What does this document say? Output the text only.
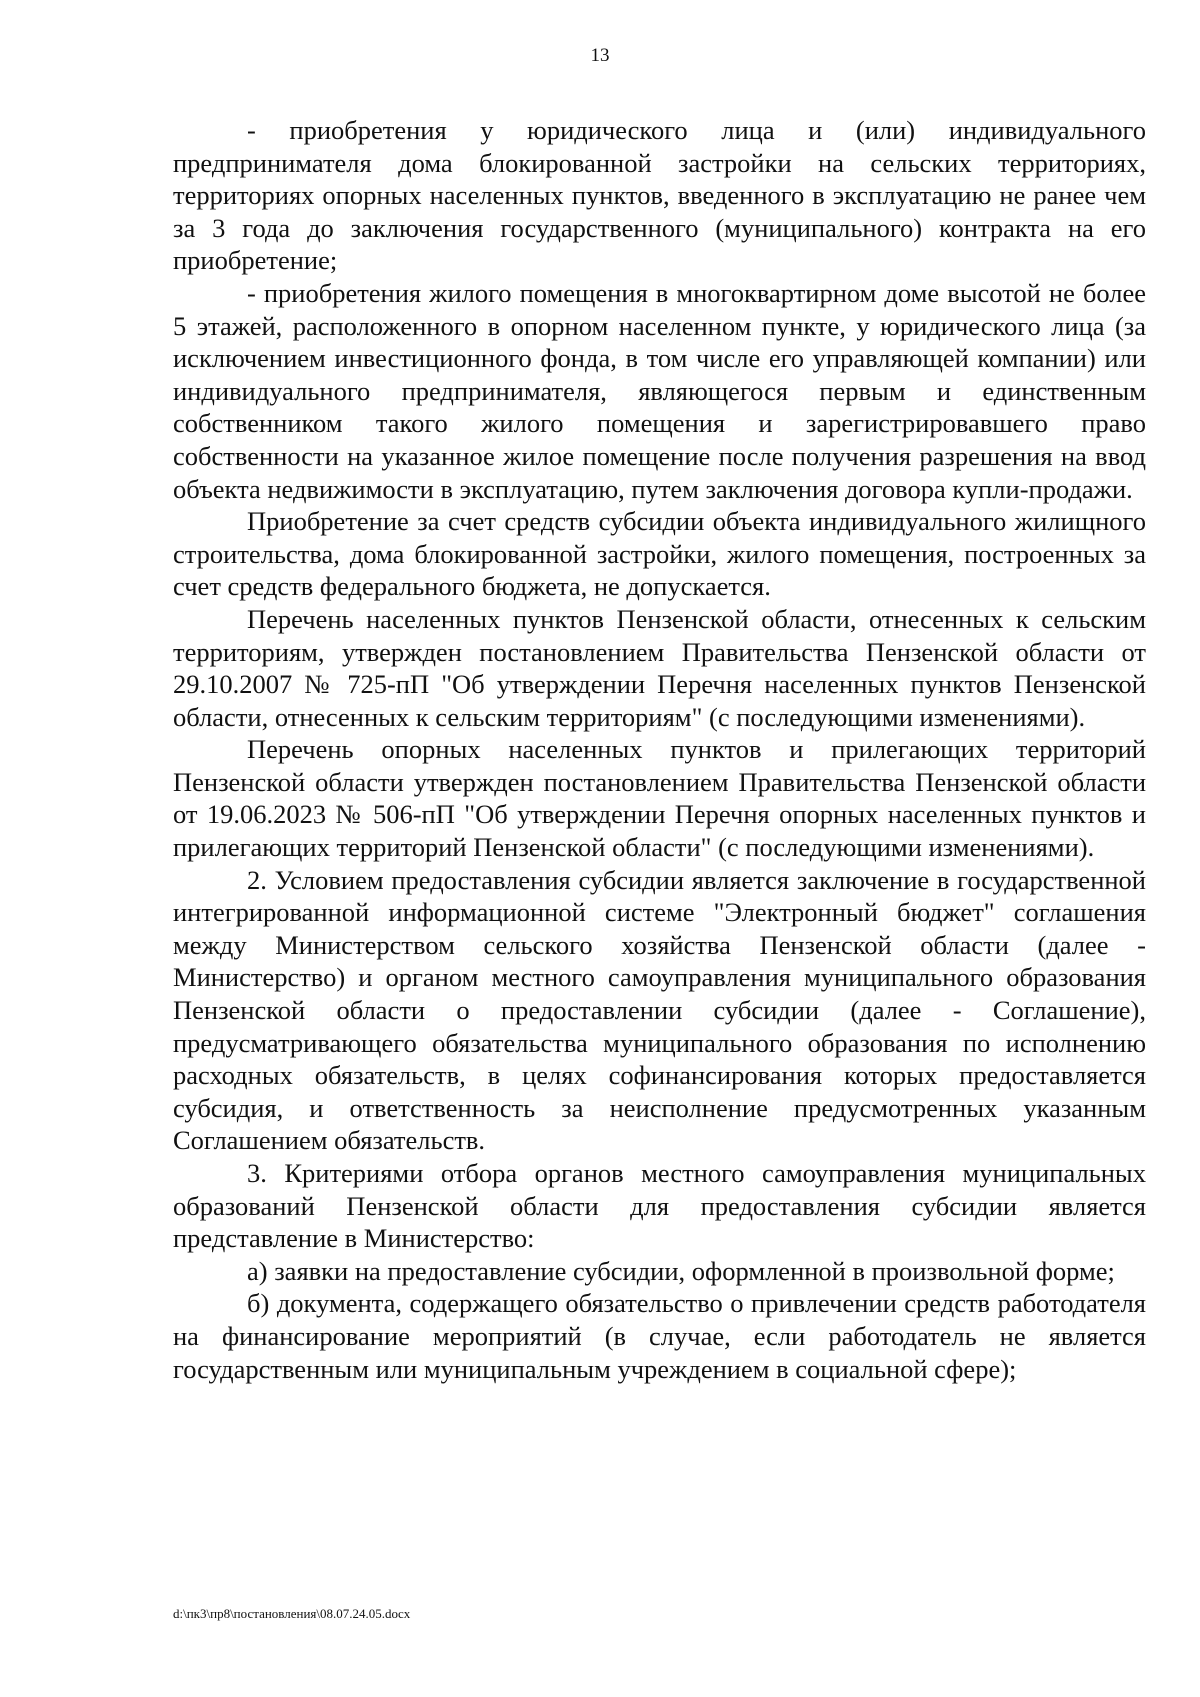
13

- приобретения у юридического лица и (или) индивидуального предпринимателя дома блокированной застройки на сельских территориях, территориях опорных населенных пунктов, введенного в эксплуатацию не ранее чем за 3 года до заключения государственного (муниципального) контракта на его приобретение;

- приобретения жилого помещения в многоквартирном доме высотой не более 5 этажей, расположенного в опорном населенном пункте, у юридического лица (за исключением инвестиционного фонда, в том числе его управляющей компании) или индивидуального предпринимателя, являющегося первым и единственным собственником такого жилого помещения и зарегистрировавшего право собственности на указанное жилое помещение после получения разрешения на ввод объекта недвижимости в эксплуатацию, путем заключения договора купли-продажи.

Приобретение за счет средств субсидии объекта индивидуального жилищного строительства, дома блокированной застройки, жилого помещения, построенных за счет средств федерального бюджета, не допускается.

Перечень населенных пунктов Пензенской области, отнесенных к сельским территориям, утвержден постановлением Правительства Пензенской области от 29.10.2007 № 725-пП "Об утверждении Перечня населенных пунктов Пензенской области, отнесенных к сельским территориям" (с последующими изменениями).

Перечень опорных населенных пунктов и прилегающих территорий Пензенской области утвержден постановлением Правительства Пензенской области от 19.06.2023 № 506-пП "Об утверждении Перечня опорных населенных пунктов и прилегающих территорий Пензенской области" (с последующими изменениями).

2. Условием предоставления субсидии является заключение в государственной интегрированной информационной системе "Электронный бюджет" соглашения между Министерством сельского хозяйства Пензенской области (далее - Министерство) и органом местного самоуправления муниципального образования Пензенской области о предоставлении субсидии (далее - Соглашение), предусматривающего обязательства муниципального образования по исполнению расходных обязательств, в целях софинансирования которых предоставляется субсидия, и ответственность за неисполнение предусмотренных указанным Соглашением обязательств.

3. Критериями отбора органов местного самоуправления муниципальных образований Пензенской области для предоставления субсидии является представление в Министерство:

а) заявки на предоставление субсидии, оформленной в произвольной форме;

б) документа, содержащего обязательство о привлечении средств работодателя на финансирование мероприятий (в случае, если работодатель не является государственным или муниципальным учреждением в социальной сфере);

d:\пк3\пр8\постановления\08.07.24.05.docx
